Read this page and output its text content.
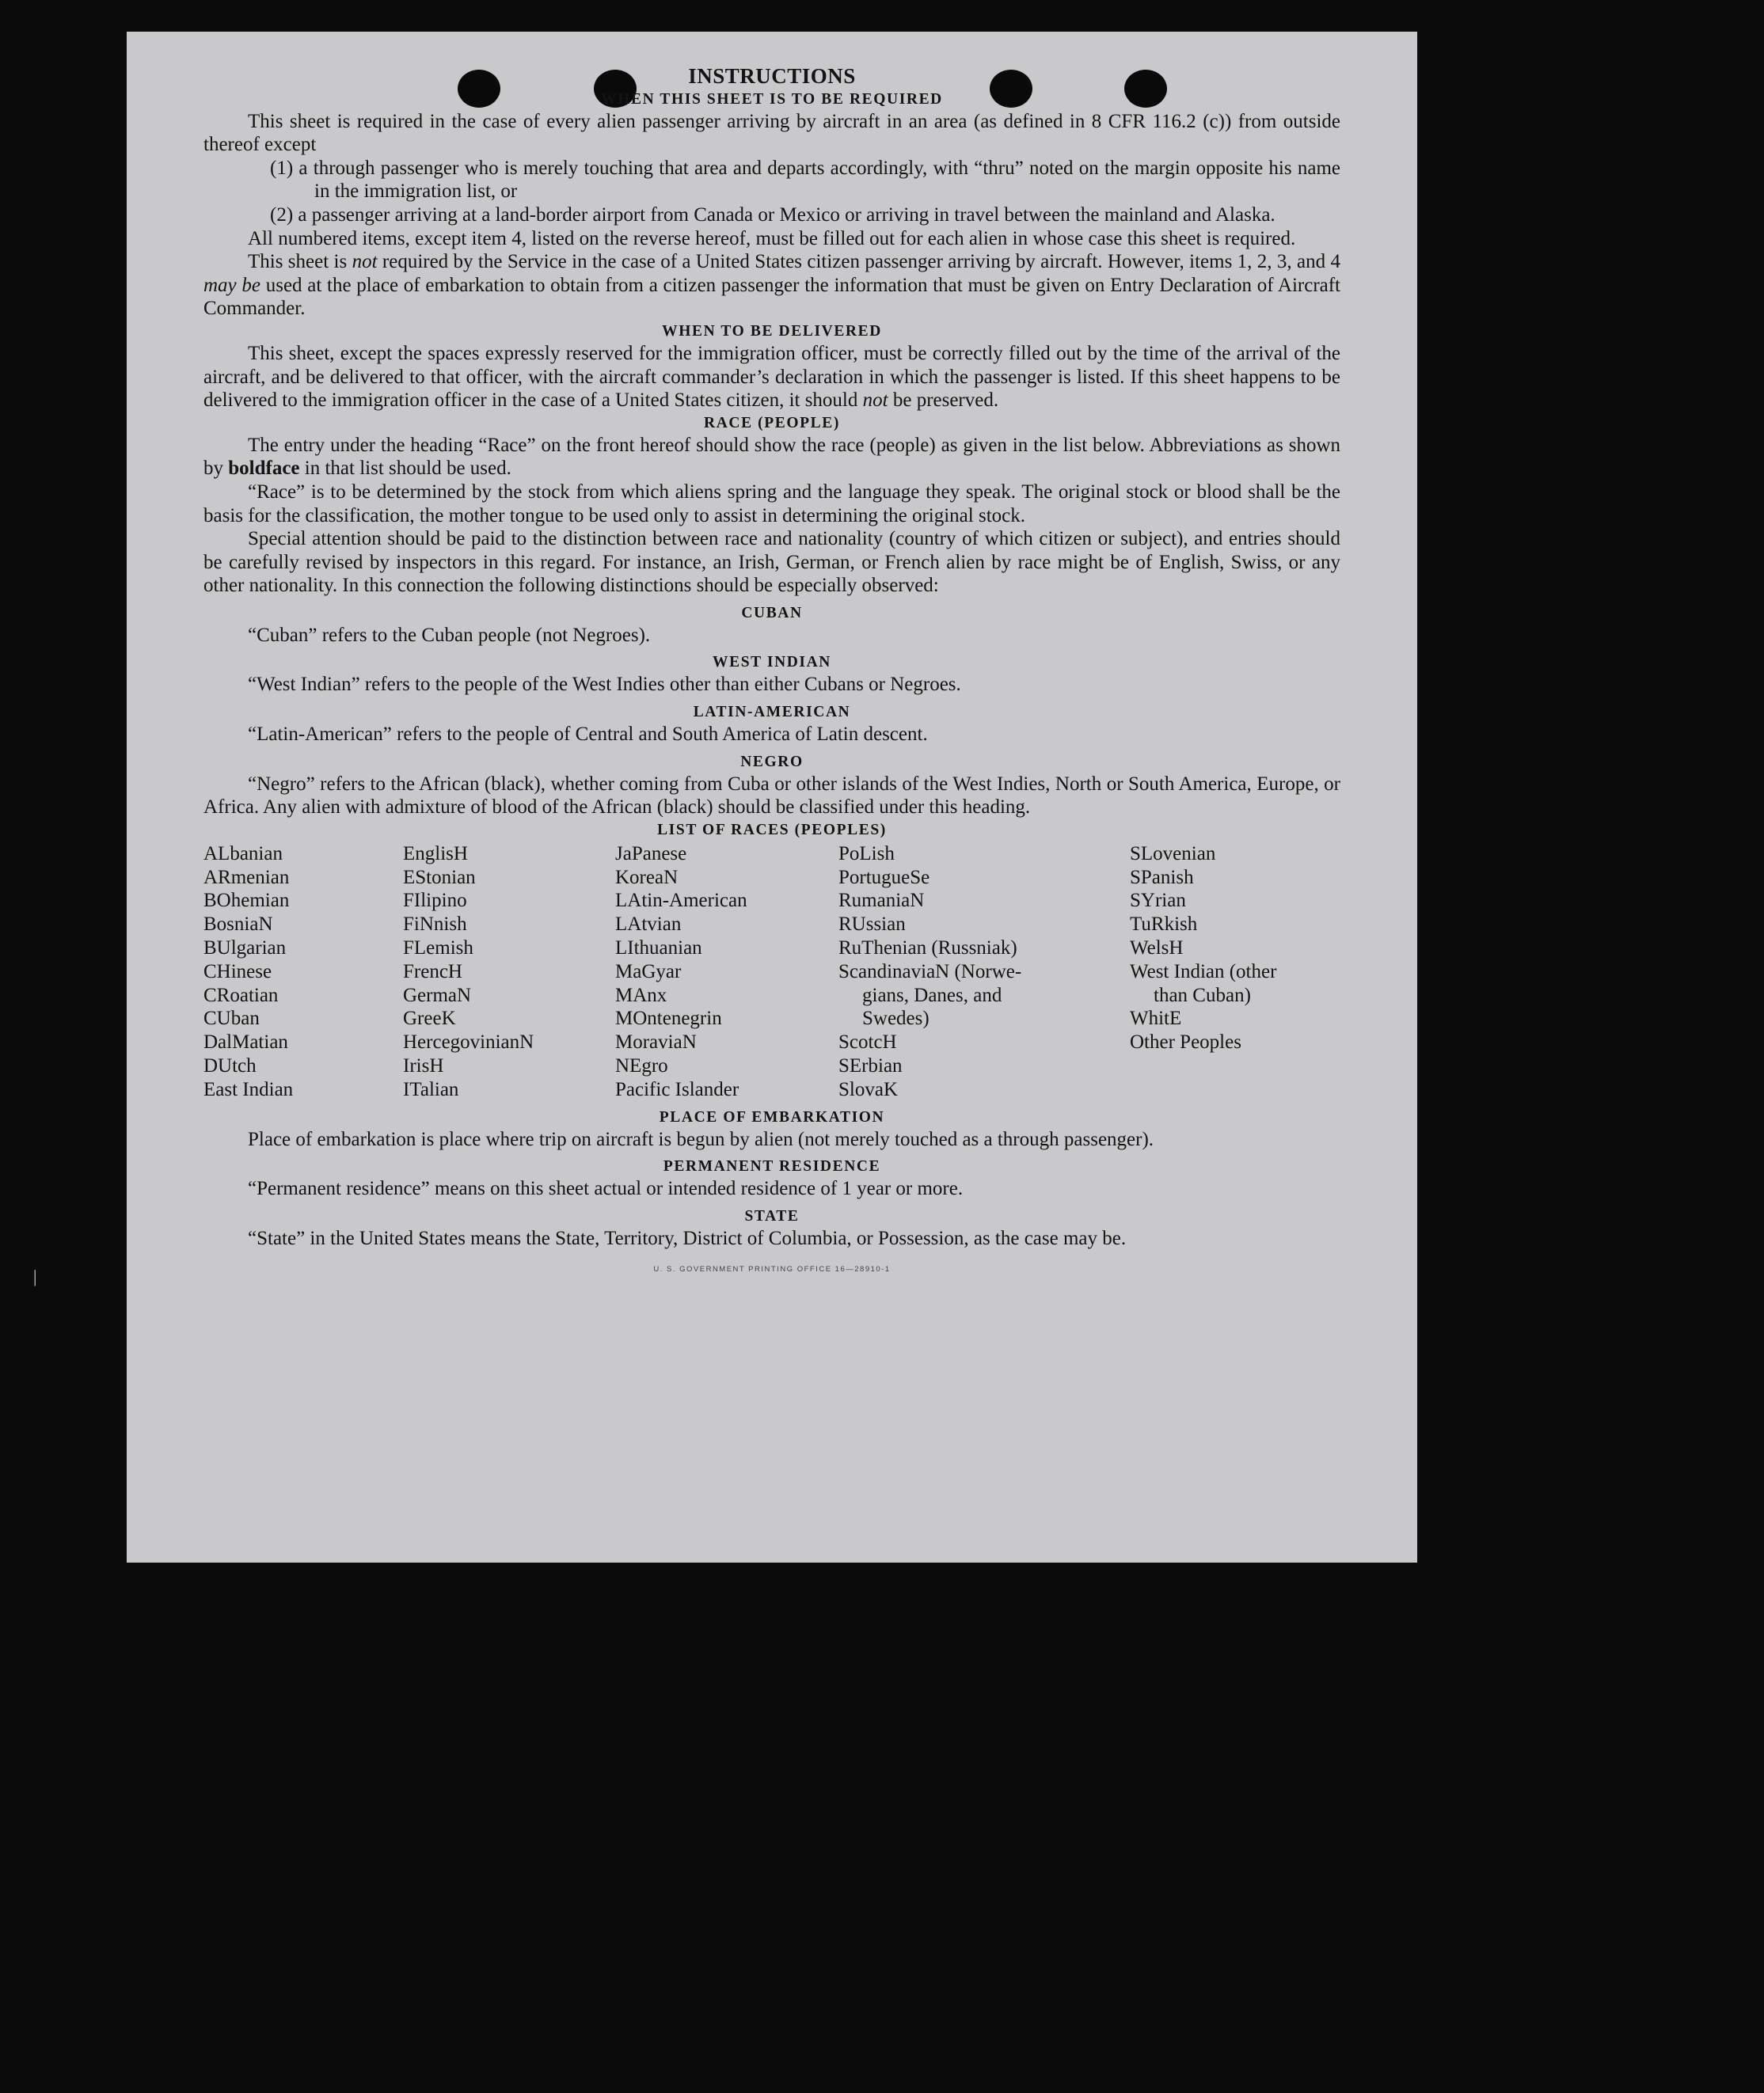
INSTRUCTIONS
WHEN THIS SHEET IS TO BE REQUIRED

This sheet is required in the case of every alien passenger arriving by aircraft in an area (as defined in 8 CFR 116.2 (c)) from outside thereof except

(1) a through passenger who is merely touching that area and departs accordingly, with “thru” noted on the margin opposite his name in the immigration list, or

(2) a passenger arriving at a land-border airport from Canada or Mexico or arriving in travel between the mainland and Alaska.

All numbered items, except item 4, listed on the reverse hereof, must be filled out for each alien in whose case this sheet is required.

This sheet is not required by the Service in the case of a United States citizen passenger arriving by aircraft. However, items 1, 2, 3, and 4 may be used at the place of embarkation to obtain from a citizen passenger the information that must be given on Entry Declaration of Aircraft Commander.

WHEN TO BE DELIVERED

This sheet, except the spaces expressly reserved for the immigration officer, must be correctly filled out by the time of the arrival of the aircraft, and be delivered to that officer, with the aircraft commander’s declaration in which the passenger is listed. If this sheet happens to be delivered to the immigration officer in the case of a United States citizen, it should not be preserved.

RACE (PEOPLE)

The entry under the heading “Race” on the front hereof should show the race (people) as given in the list below. Abbreviations as shown by boldface in that list should be used.

“Race” is to be determined by the stock from which aliens spring and the language they speak. The original stock or blood shall be the basis for the classification, the mother tongue to be used only to assist in determining the original stock.

Special attention should be paid to the distinction between race and nationality (country of which citizen or subject), and entries should be carefully revised by inspectors in this regard. For instance, an Irish, German, or French alien by race might be of English, Swiss, or any other nationality. In this connection the following distinctions should be especially observed:

CUBAN

“Cuban” refers to the Cuban people (not Negroes).

WEST INDIAN

“West Indian” refers to the people of the West Indies other than either Cubans or Negroes.

LATIN-AMERICAN

“Latin-American” refers to the people of Central and South America of Latin descent.

NEGRO

“Negro” refers to the African (black), whether coming from Cuba or other islands of the West Indies, North or South America, Europe, or Africa. Any alien with admixture of blood of the African (black) should be classified under this heading.

LIST OF RACES (PEOPLES)
ALbanian
ARmenian
BOhemian
BosniaN
BUlgarian
CHinese
CRoatian
CUban
DalMatian
DUtch
East Indian
EnglisH
EStonian
FIlipino
FiNnish
FLemish
FrencH
GermaN
GreeK
HercegovinianN
IrisH
ITalian
JaPanese
KoreaN
LAtin-American
LAtvian
LIthuanian
MaGyar
MAnx
MOntenegrin
MoraviaN
NEgro
Pacific Islander
PoLish
PortugueSe
RumaniaN
RUssian
RuThenian (Russniak)
ScandinaviaN (Norwe-
gians, Danes, and
Swedes)
ScotcH
SErbian
SlovaK
SLovenian
SPanish
SYrian
TuRkish
WelsH
West Indian (other
than Cuban)
WhitE
Other Peoples
PLACE OF EMBARKATION

Place of embarkation is place where trip on aircraft is begun by alien (not merely touched as a through passenger).

PERMANENT RESIDENCE

“Permanent residence” means on this sheet actual or intended residence of 1 year or more.

STATE

“State” in the United States means the State, Territory, District of Columbia, or Possession, as the case may be.

U. S. GOVERNMENT PRINTING OFFICE 16—28910-1
|
